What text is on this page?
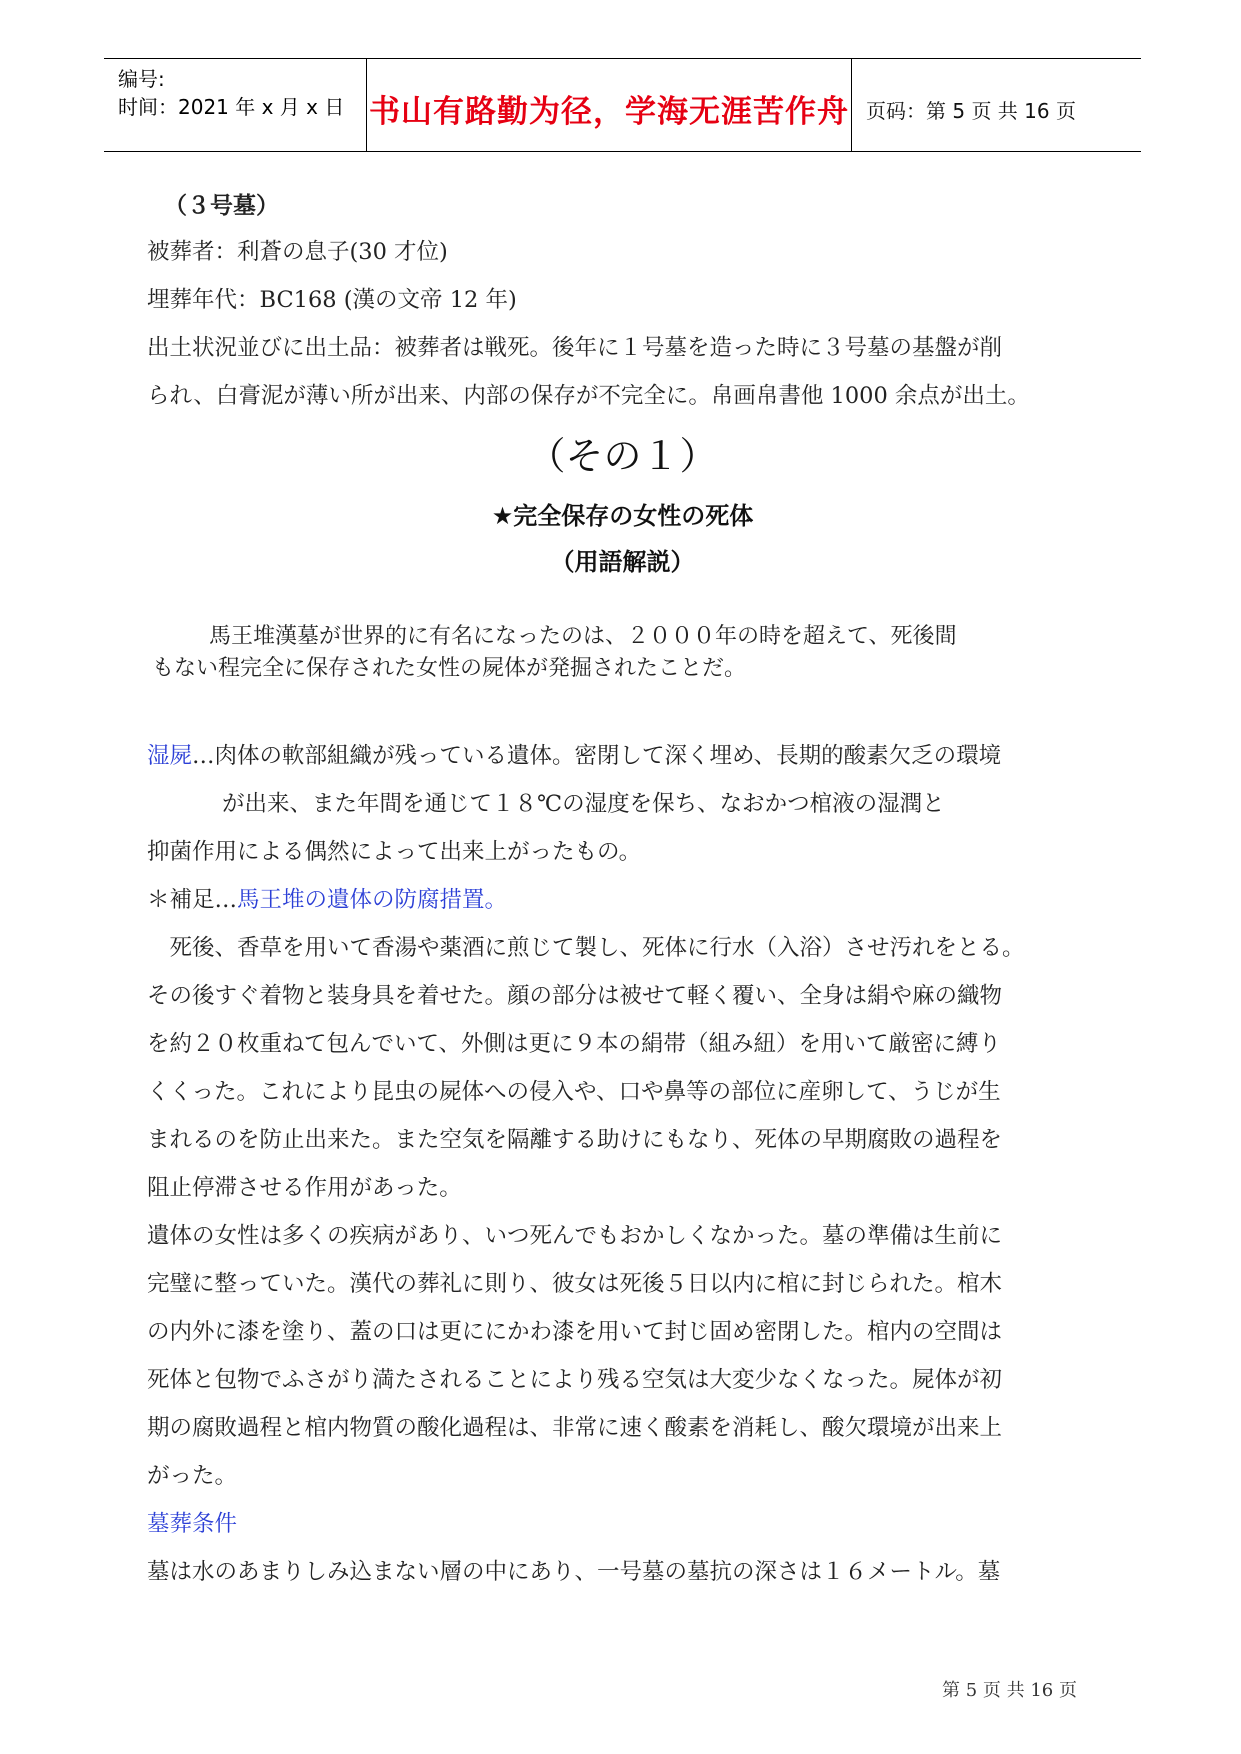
编号:
时间：2021 年 x 月 x 日 书山有路勤为径，学海无涯苦作舟 页码：第 5 页 共 16 页
（３号墓）
被葬者：利蒼の息子(30 才位)
埋葬年代：BC168 (漢の文帝 12 年)
出土状況並びに出土品：被葬者は戦死。後年に１号墓を造った時に３号墓の基盤が削
られ、白膏泥が薄い所が出来、内部の保存が不完全に。帛画帛書他 1000 余点が出土。
（その１）
★完全保存の女性の死体
（用語解説）
馬王堆漢墓が世界的に有名になったのは、２０００年の時を超えて、死後間
もない程完全に保存された女性の屍体が発掘されたことだ。
湿屍…肉体の軟部組織が残っている遺体。密閉して深く埋め、長期的酸素欠乏の環境
が出来、また年間を通じて１８℃の湿度を保ち、なおかつ棺液の湿潤と
抑菌作用による偶然によって出来上がったもの。
＊補足…馬王堆の遺体の防腐措置。
　死後、香草を用いて香湯や薬酒に煎じて製し、死体に行水（入浴）させ汚れをとる。
その後すぐ着物と装身具を着せた。顔の部分は被せて軽く覆い、全身は絹や麻の織物
を約２０枚重ねて包んでいて、外側は更に９本の絹帯（組み紐）を用いて厳密に縛り
くくった。これにより昆虫の屍体への侵入や、口や鼻等の部位に産卵して、うじが生
まれるのを防止出来た。また空気を隔離する助けにもなり、死体の早期腐敗の過程を
阻止停滞させる作用があった。
遺体の女性は多くの疾病があり、いつ死んでもおかしくなかった。墓の準備は生前に
完璧に整っていた。漢代の葬礼に則り、彼女は死後５日以内に棺に封じられた。棺木
の内外に漆を塗り、蓋の口は更ににかわ漆を用いて封じ固め密閉した。棺内の空間は
死体と包物でふさがり満たされることにより残る空気は大変少なくなった。屍体が初
期の腐敗過程と棺内物質の酸化過程は、非常に速く酸素を消耗し、酸欠環境が出来上
がった。
墓葬条件
墓は水のあまりしみ込まない層の中にあり、一号墓の墓抗の深さは１６メートル。墓
第 5 页 共 16 页
